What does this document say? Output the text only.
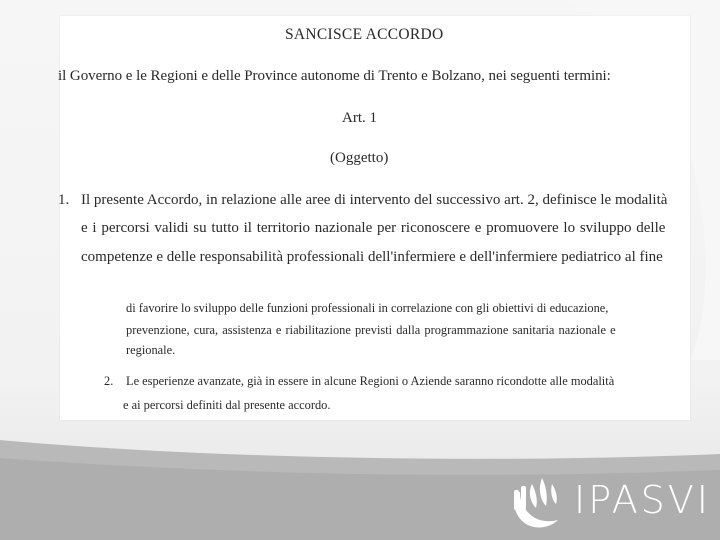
SANCISCE ACCORDO
il Governo e le Regioni e delle Province autonome di Trento e Bolzano, nei seguenti termini:
Art. 1
(Oggetto)
1. Il presente Accordo, in relazione alle aree di intervento del successivo art. 2, definisce le modalità
e i percorsi validi su tutto il territorio nazionale per riconoscere e promuovere lo sviluppo delle
competenze e delle responsabilità professionali dell'infermiere e dell'infermiere pediatrico al fine
di favorire lo sviluppo delle funzioni professionali in correlazione con gli obiettivi di educazione,
prevenzione, cura, assistenza e riabilitazione previsti dalla programmazione sanitaria nazionale e
regionale.
2. Le esperienze avanzate, già in essere in alcune Regioni o Aziende saranno ricondotte alle modalità
e ai percorsi definiti dal presente accordo.
IPASVI
